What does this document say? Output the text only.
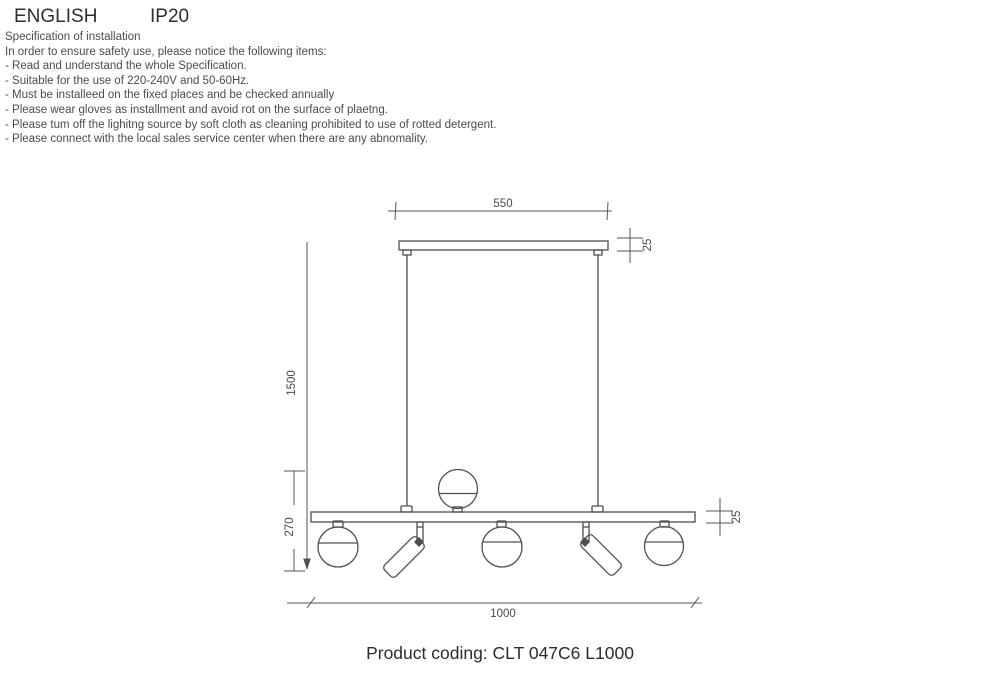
ENGLISH	IP20
Specification of installation
In order to ensure safety use, please notice the following items:
- Read and understand the whole Specification.
- Suitable for the use of 220-240V and 50-60Hz.
- Must be installeed on the fixed places and be checked annually
- Please wear gloves as installment and avoid rot on the surface of plaetng.
- Please tum off the lighitng source by soft cloth as cleaning prohibited to use of rotted detergent.
- Please connect with the local sales service center when there are any abnomality.
550
25
1500
270
25
1000
Product coding: CLT 047C6 L1000
